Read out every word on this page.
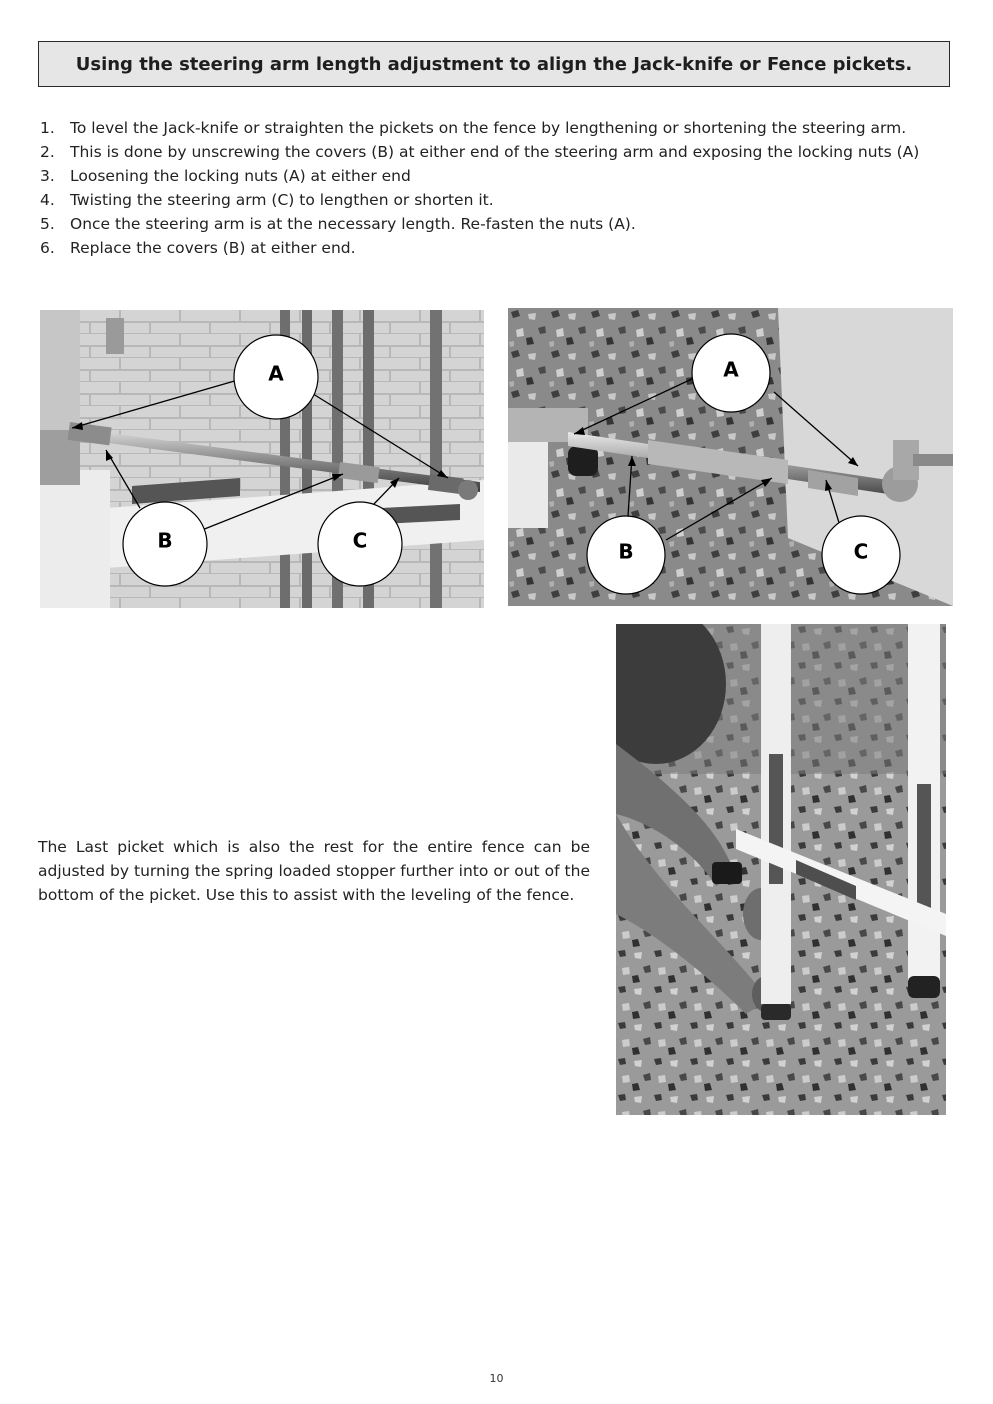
Using the steering arm length adjustment to align the Jack-knife or Fence pickets.
1. To level the Jack-knife or straighten the pickets on the fence by lengthening or shortening the steering arm.
2. This is done by unscrewing the covers (B) at either end of the steering arm and exposing the locking nuts (A)
3. Loosening the locking nuts (A) at either end
4. Twisting the steering arm (C) to lengthen or shorten it.
5. Once the steering arm is at the necessary length. Re-fasten the nuts (A).
6. Replace the covers (B) at either end.
A
B	C
A
B	C

The Last picket which is also the rest for the entire fence can be adjusted by turning the spring loaded stopper further into or out of the bottom of the picket. Use this to assist with the leveling of the fence.

10
